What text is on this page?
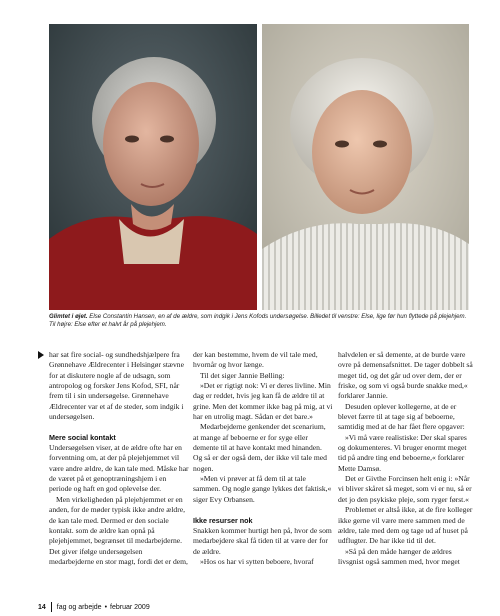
Glimtet i øjet. Else Constantin Hansen, en af de ældre, som indgik i Jens Kofods undersøgelse. Billedet til venstre: Else, lige før hun flyttede på plejehjem. Til højre: Else efter et halvt år på plejehjem.

har sat fire social- og sundhedshjælpere fra Grønnehave Ældrecenter i Helsingør stævne for at diskutere nogle af de udsagn, som antropolog og forsker Jens Kofod, SFI, når frem til i sin undersøgelse. Grønnehave Ældrecenter var et af de steder, som indgik i undersøgelsen.

Mere social kontakt

Undersøgelsen viser, at de ældre ofte har en forventning om, at der på plejehjemmet vil være andre ældre, de kan tale med. Måske har de været på et genoptræningshjem i en periode og haft en god oplevelse der.

Men virkeligheden på plejehjemmet er en anden, for de møder typisk ikke andre ældre, de kan tale med. Dermed er den sociale kontakt. som de ældre kan opnå på plejehjemmet, begrænset til medarbejderne. Det giver ifølge undersøgelsen medarbejderne en stor magt, fordi det er dem,

der kan bestemme, hvem de vil tale med, hvornår og hvor længe.

Til det siger Jannie Bølling:

»Det er rigtigt nok: Vi er deres livline. Min dag er reddet, hvis jeg kan få de ældre til at grine. Men det kommer ikke bag på mig, at vi har en utrolig magt. Sådan er det bare.»

Medarbejderne genkender det scenarium, at mange af beboerne er for syge eller demente til at have kontakt med hinanden. Og så er der også dem, der ikke vil tale med nogen.

»Men vi prøver at få dem til at tale sammen. Og nogle gange lykkes det faktisk,« siger Evy Orbansen.

Ikke resurser nok

Snakken kommer hurtigt hen på, hvor de som medarbejdere skal få tiden til at være der for de ældre.

»Hos os har vi sytten beboere, hvoraf

halvdelen er så demente, at de burde være ovre på demensafsnittet. De tager dobbelt så meget tid, og det går ud over dem, der er friske, og som vi også burde snakke med,« forklarer Jannie.

Desuden oplever kollegerne, at de er blevet færre til at tage sig af beboerne, samtidig med at de har fået flere opgaver:

»Vi må være realistiske: Der skal spares og dokumenteres. Vi bruger enormt meget tid på andre ting end beboerne,« forklarer Mette Damsø.

Det er Givthe Forcinsen helt enig i: »Når vi bliver skåret så meget, som vi er nu, så er det jo den psykiske pleje, som ryger først.«

Problemet er altså ikke, at de fire kolleger ikke gerne vil være mere sammen med de ældre, tale med dem og tage ud af huset på udflugter. De har ikke tid til det.

»Så på den måde hænger de ældres livsgnist også sammen med, hvor meget

14 fag og arbejde • februar 2009
